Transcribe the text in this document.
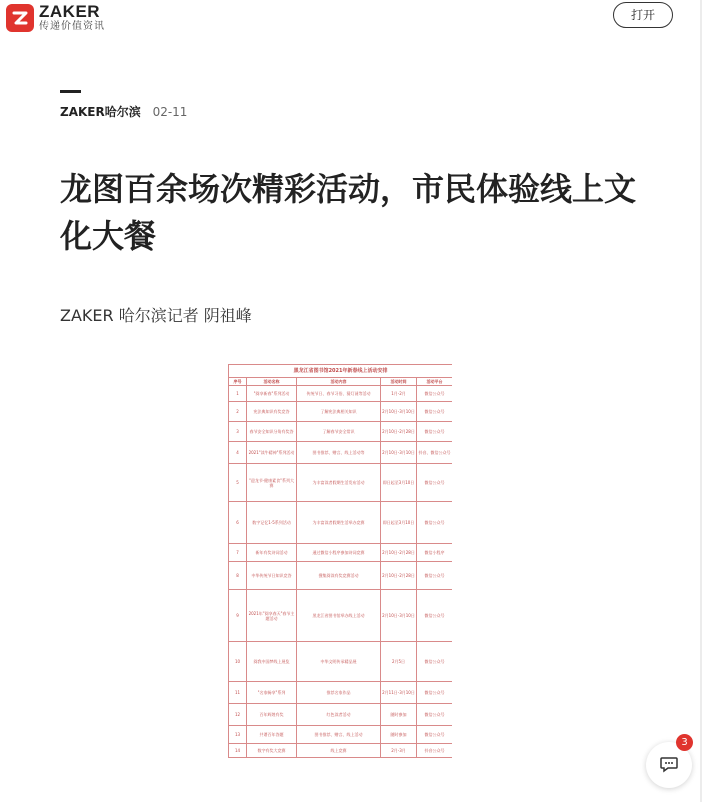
ZAKER
传递价值资讯
打开
ZAKER哈尔滨 02-11
龙图百余场次精彩活动，市民体验线上文化大餐
ZAKER 哈尔滨记者 阴祖峰
黑龙江省图书馆2021年新春线上活动安排				
序号	活动名称	活动内容	活动时间	活动平台
1	"阅享新春"系列活动	传统节日、春节习俗、猜灯谜等活动	1月-2月	微信公众号
2	宪法典知识有奖竞答	了解宪法典相关知识	2月10日-3月10日	微信公众号
3	春节安全知识分角有奖答	了解春节安全常识	2月10日-2月28日	微信公众号
4	2021"读牛精神"系列活动	图书推荐、赠言、线上活动等	2月10日-3月10日	抖音、微信公众号
5	"迎龙节·健康素食"系列大赛	为丰富读者假期生活发布活动	即日起至3月10日	微信公众号
6	数字记忆1-5系列活动	为丰富读者假期生活举办竞赛	即日起至3月10日	微信公众号
7	新年有奖诗词活动	通过微信小程序参加诗词竞赛	2月10日-2月28日	微信小程序
8	中华传统节日知识竞答	搜集阅读有奖竞赛活动	2月10日-2月28日	微信公众号
9	2021年"阅享春天"春节主题活动	黑龙江省图书馆举办线上活动	2月10日-3月10日	微信公众号
10	阅我中国梦线上展览	中华文明传承精品展	2月5日	微信公众号
11	"名家畅享"系列	推荐名家作品	2月11日-3月10日	微信公众号
12	百年辉煌有奖	红色读者活动	随时参加	微信公众号
13	共谱百年答题	图书推荐、赠言、线上活动	随时参加	微信公众号
14	数字有奖大竞赛	线上竞赛	2月-3月	抖音公众号
3
